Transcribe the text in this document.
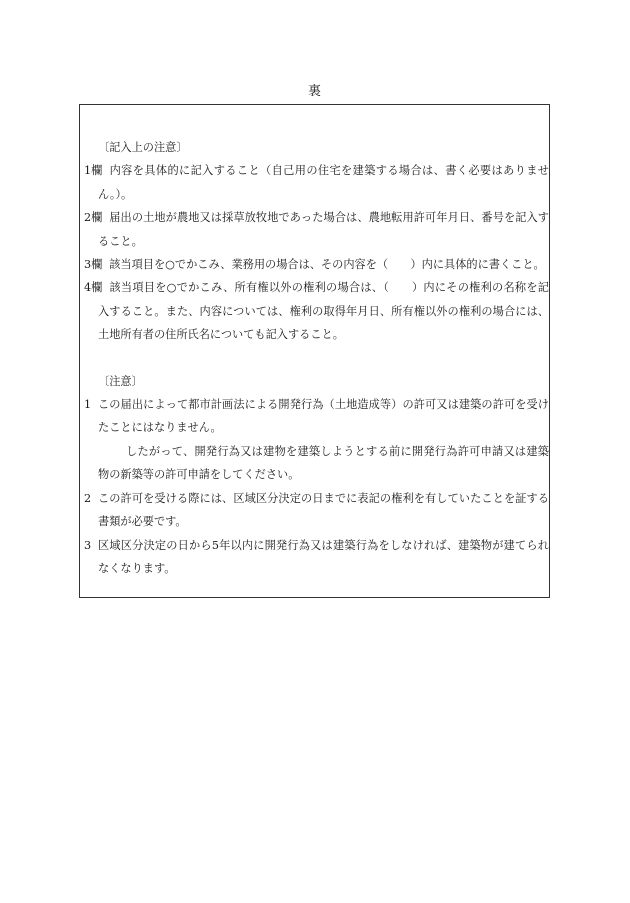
裏
〔記入上の注意〕
1欄
　内容を具体的に記入すること（自己用の住宅を建築する場合は、書く必要はありません。）。
2欄
　届出の土地が農地又は採草放牧地であった場合は、農地転用許可年月日、番号を記入すること。
3欄
　該当項目を○でかこみ、業務用の場合は、その内容を（　　）内に具体的に書くこと。
4欄
　該当項目を○でかこみ、所有権以外の権利の場合は、（　　）内にその権利の名称を記入すること。また、内容については、権利の取得年月日、所有権以外の権利の場合には、土地所有者の住所氏名についても記入すること。
〔注意〕
1 この届出によって都市計画法による開発行為（土地造成等）の許可又は建築の許可を受けたことにはなりません。
したがって、開発行為又は建物を建築しようとする前に開発行為許可申請又は建築物の新築等の許可申請をしてください。
2 この許可を受ける際には、区域区分決定の日までに表記の権利を有していたことを証する書類が必要です。
3 区域区分決定の日から5年以内に開発行為又は建築行為をしなければ、建築物が建てられなくなります。
